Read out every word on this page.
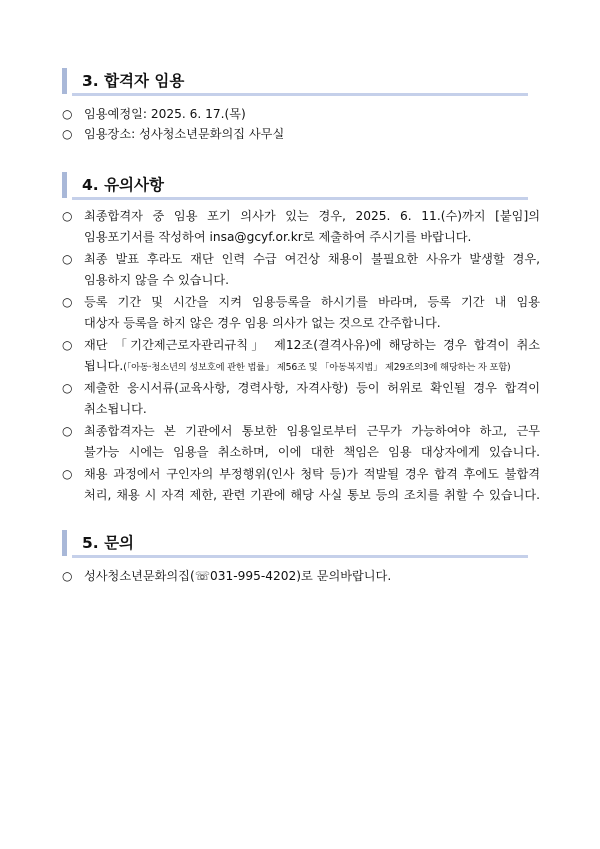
3. 합격자 임용
○ 임용예정일: 2025. 6. 17.(목)
○ 임용장소: 성사청소년문화의집 사무실
4. 유의사항
○ 최종합격자 중 임용 포기 의사가 있는 경우, 2025. 6. 11.(수)까지 [붙임]의
임용포기서를 작성하여 insa@gcyf.or.kr로 제출하여 주시기를 바랍니다.
○ 최종 발표 후라도 재단 인력 수급 여건상 채용이 불필요한 사유가 발생할 경우,
임용하지 않을 수 있습니다.
○ 등록 기간 및 시간을 지켜 임용등록을 하시기를 바라며, 등록 기간 내 임용
대상자 등록을 하지 않은 경우 임용 의사가 없는 것으로 간주합니다.
○ 재단 「기간제근로자관리규칙」 제12조(결격사유)에 해당하는 경우 합격이 취소
됩니다.(「아동·청소년의 성보호에 관한 법률」 제56조 및 「아동복지법」 제29조의3에 해당하는 자 포함)
○ 제출한 응시서류(교육사항, 경력사항, 자격사항) 등이 허위로 확인될 경우 합격이
취소됩니다.
○ 최종합격자는 본 기관에서 통보한 임용일로부터 근무가 가능하여야 하고, 근무
불가능 시에는 임용을 취소하며, 이에 대한 책임은 임용 대상자에게 있습니다.
○ 채용 과정에서 구인자의 부정행위(인사 청탁 등)가 적발될 경우 합격 후에도 불합격
처리, 채용 시 자격 제한, 관련 기관에 해당 사실 통보 등의 조치를 취할 수 있습니다.
5. 문의
○ 성사청소년문화의집(☏031-995-4202)로 문의바랍니다.
